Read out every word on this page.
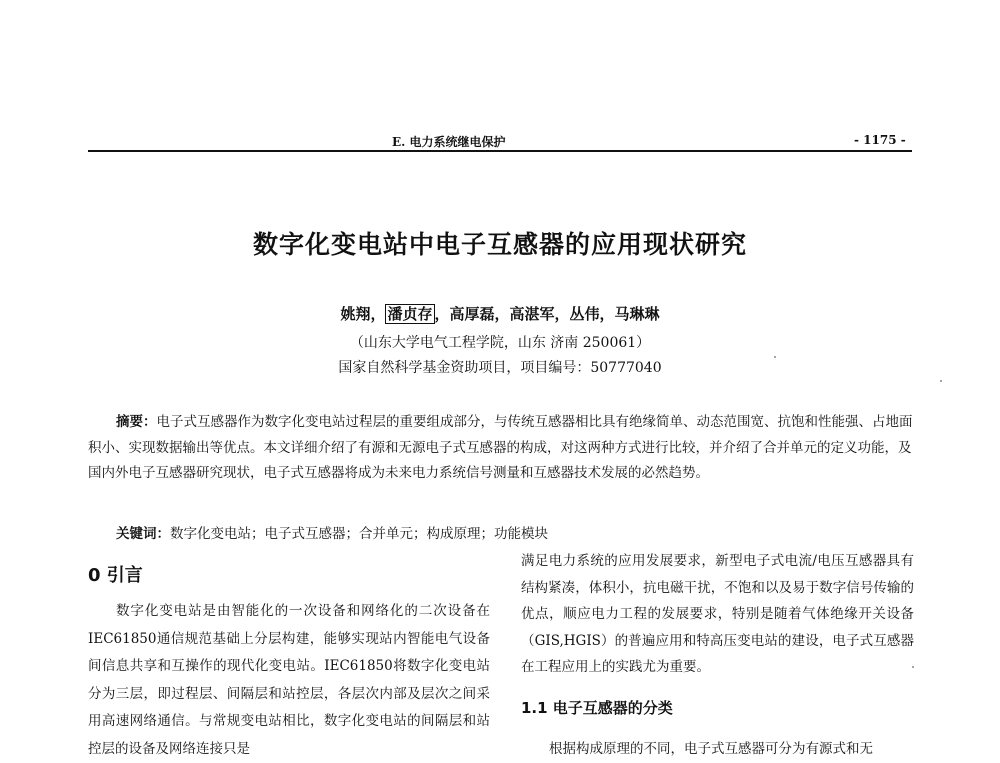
E. 电力系统继电保护	- 1175 -
数字化变电站中电子互感器的应用现状研究
姚翔， 潘贞存 ，高厚磊，高湛军，丛伟，马琳琳
（山东大学电气工程学院，山东 济南 250061）
国家自然科学基金资助项目，项目编号：50777040

摘要：电子式互感器作为数字化变电站过程层的重要组成部分，与传统互感器相比具有绝缘简单、动态范围宽、抗饱和性能强、占地面积小、实现数据输出等优点。本文详细介绍了有源和无源电子式互感器的构成，对这两种方式进行比较，并介绍了合并单元的定义功能，及国内外电子互感器研究现状，电子式互感器将成为未来电力系统信号测量和互感器技术发展的必然趋势。

关键词：数字化变电站；电子式互感器；合并单元；构成原理；功能模块
0 引言

数字化变电站是由智能化的一次设备和网络化的二次设备在IEC61850通信规范基础上分层构建，能够实现站内智能电气设备间信息共享和互操作的现代化变电站。IEC61850将数字化变电站分为三层，即过程层、间隔层和站控层，各层次内部及层次之间采用高速网络通信。与常规变电站相比，数字化变电站的间隔层和站控层的设备及网络连接只是

满足电力系统的应用发展要求，新型电子式电流/电压互感器具有结构紧凑，体积小，抗电磁干扰，不饱和以及易于数字信号传输的优点，顺应电力工程的发展要求，特别是随着气体绝缘开关设备（GIS,HGIS）的普遍应用和特高压变电站的建设，电子式互感器在工程应用上的实践尤为重要。

1.1 电子互感器的分类

根据构成原理的不同，电子式互感器可分为有源式和无
